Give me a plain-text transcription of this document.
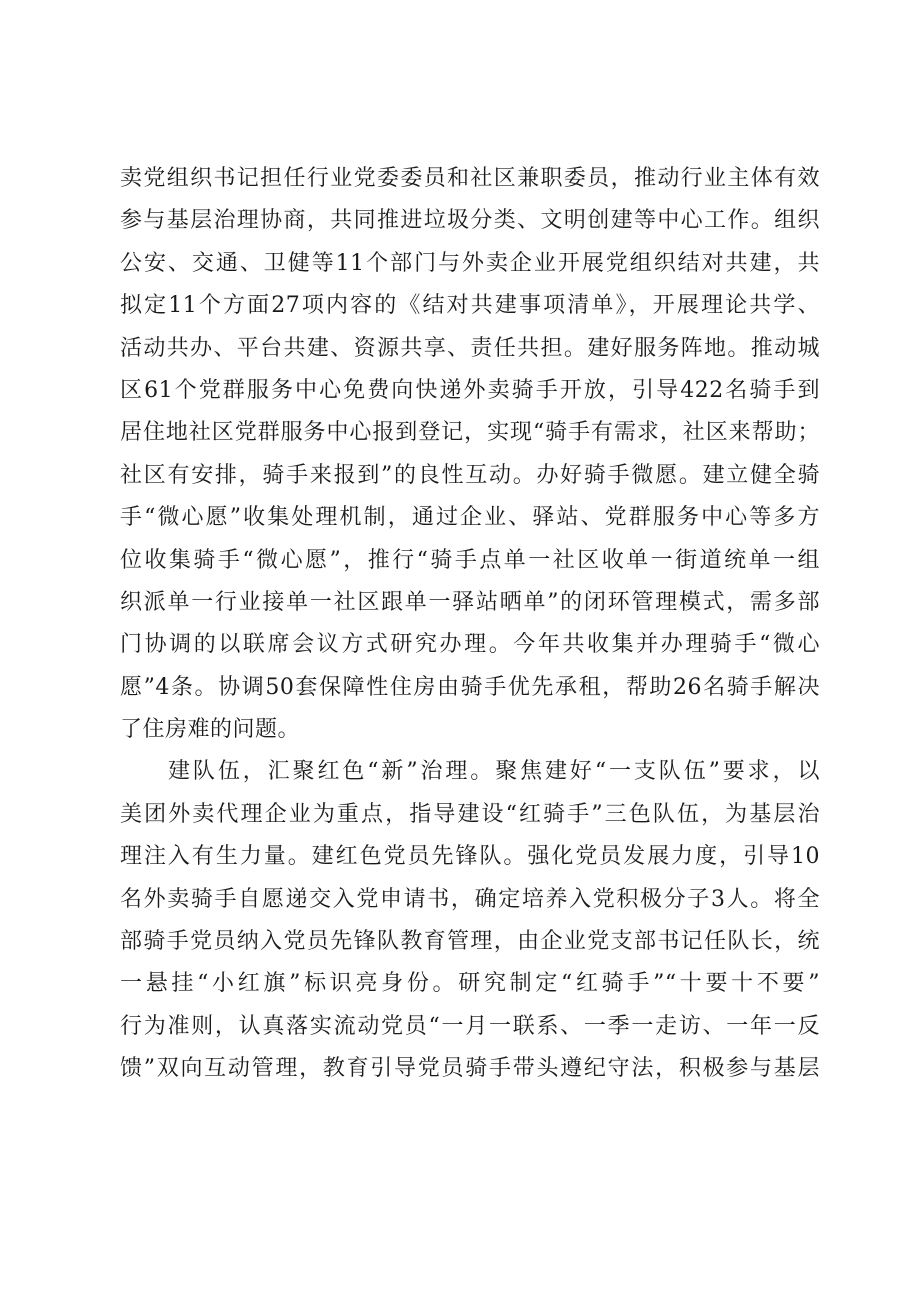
卖党组织书记担任行业党委委员和社区兼职委员，推动行业主体有效
参与基层治理协商，共同推进垃圾分类、文明创建等中心工作。组织
公安、交通、卫健等11个部门与外卖企业开展党组织结对共建，共
拟定11个方面27项内容的《结对共建事项清单》，开展理论共学、
活动共办、平台共建、资源共享、责任共担。建好服务阵地。推动城
区61个党群服务中心免费向快递外卖骑手开放，引导422名骑手到
居住地社区党群服务中心报到登记，实现“骑手有需求，社区来帮助；
社区有安排，骑手来报到”的良性互动。办好骑手微愿。建立健全骑
手“微心愿”收集处理机制，通过企业、驿站、党群服务中心等多方
位收集骑手“微心愿”，推行“骑手点单一社区收单一街道统单一组
织派单一行业接单一社区跟单一驿站晒单”的闭环管理模式，需多部
门协调的以联席会议方式研究办理。今年共收集并办理骑手“微心
愿”4条。协调50套保障性住房由骑手优先承租，帮助26名骑手解决
了住房难的问题。
建队伍，汇聚红色“新”治理。聚焦建好“一支队伍”要求，以
美团外卖代理企业为重点，指导建设“红骑手”三色队伍，为基层治
理注入有生力量。建红色党员先锋队。强化党员发展力度，引导10
名外卖骑手自愿递交入党申请书，确定培养入党积极分子3人。将全
部骑手党员纳入党员先锋队教育管理，由企业党支部书记任队长，统
一悬挂“小红旗”标识亮身份。研究制定“红骑手”“十要十不要”
行为准则，认真落实流动党员“一月一联系、一季一走访、一年一反
馈”双向互动管理，教育引导党员骑手带头遵纪守法，积极参与基层
